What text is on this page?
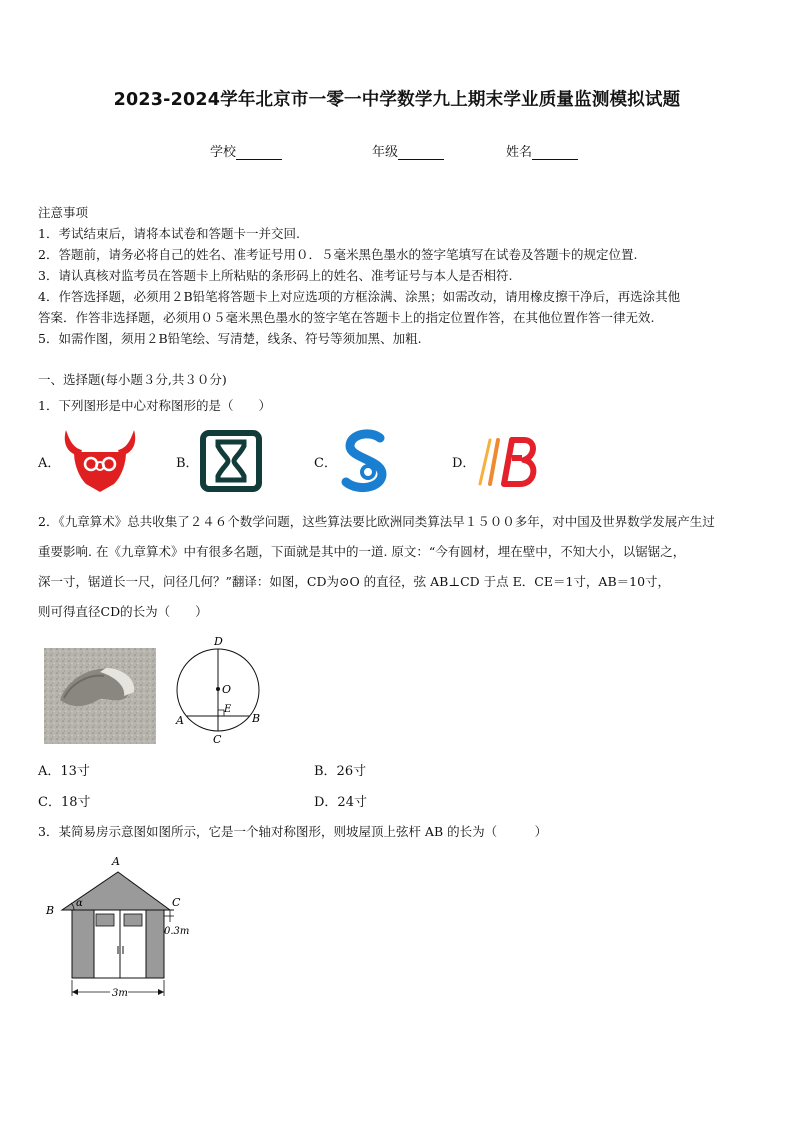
2023-2024学年北京市一零一中学数学九上期末学业质量监测模拟试题
学校	年级	姓名
注意事项
1．考试结束后，请将本试卷和答题卡一并交回.
2．答题前，请务必将自己的姓名、准考证号用０．５毫米黑色墨水的签字笔填写在试卷及答题卡的规定位置.
3．请认真核对监考员在答题卡上所粘贴的条形码上的姓名、准考证号与本人是否相符.
4．作答选择题，必须用２B铅笔将答题卡上对应选项的方框涂满、涂黑；如需改动，请用橡皮擦干净后，再选涂其他
答案．作答非选择题，必须用０５毫米黑色墨水的签字笔在答题卡上的指定位置作答，在其他位置作答一律无效.
5．如需作图，须用２B铅笔绘、写清楚，线条、符号等须加黑、加粗.
一、选择题(每小题３分,共３０分)
1．下列图形是中心对称图形的是（　　）
A．	B．	C．	D．
2．《九章算术》总共收集了２４６个数学问题，这些算法要比欧洲同类算法早１５００多年，对中国及世界数学发展产生过
重要影响. 在《九章算术》中有很多名题，下面就是其中的一道. 原文：“今有圆材，埋在壁中，不知大小，以锯锯之，
深一寸，锯道长一尺，问径几何？”翻译：如图，CD为⊙O 的直径，弦 AB⊥CD 于点 E．CE＝1寸，AB＝10寸，
则可得直径CD的长为（　　）
D
O
E
A	B
C
A．13寸	B．26寸
C．18寸	D．24寸
3．某简易房示意图如图所示，它是一个轴对称图形，则坡屋顶上弦杆 AB 的长为（　　　）
A
B
C
α
0.3m
3m
